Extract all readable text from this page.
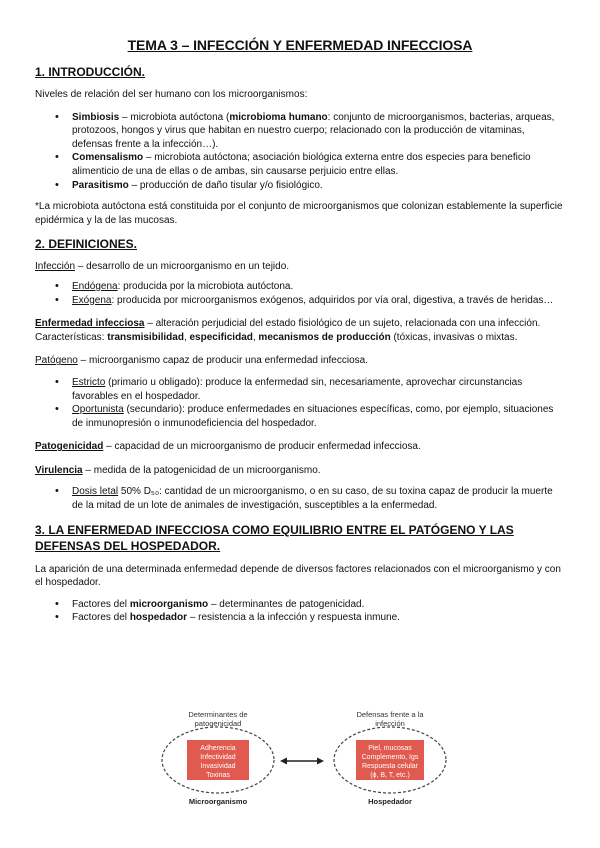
TEMA 3 – INFECCIÓN Y ENFERMEDAD INFECCIOSA
1. INTRODUCCIÓN.

Niveles de relación del ser humano con los microorganismos:

• Simbiosis – microbiota autóctona (microbioma humano: conjunto de microorganismos, bacterias, arqueas, protozoos, hongos y virus que habitan en nuestro cuerpo; relacionado con la producción de vitaminas, defensas frente a la infección…).
• Comensalismo – microbiota autóctona; asociación biológica externa entre dos especies para beneficio alimenticio de una de ellas o de ambas, sin causarse perjuicio entre ellas.
• Parasitismo – producción de daño tisular y/o fisiológico.

*La microbiota autóctona está constituida por el conjunto de microorganismos que colonizan establemente la superficie epidérmica y la de las mucosas.

2. DEFINICIONES.

Infección – desarrollo de un microorganismo en un tejido.

• Endógena: producida por la microbiota autóctona.
• Exógena: producida por microorganismos exógenos, adquiridos por vía oral, digestiva, a través de heridas…

Enfermedad infecciosa – alteración perjudicial del estado fisiológico de un sujeto, relacionada con una infección. Características: transmisibilidad, especificidad, mecanismos de producción (tóxicas, invasivas o mixtas.

Patógeno – microorganismo capaz de producir una enfermedad infecciosa.

• Estricto (primario u obligado): produce la enfermedad sin, necesariamente, aprovechar circunstancias favorables en el hospedador.
• Oportunista (secundario): produce enfermedades en situaciones específicas, como, por ejemplo, situaciones de inmunopresión o inmunodeficiencia del hospedador.

Patogenicidad – capacidad de un microorganismo de producir enfermedad infecciosa.

Virulencia – medida de la patogenicidad de un microorganismo.

• Dosis letal 50% D₅₀: cantidad de un microorganismo, o en su caso, de su toxina capaz de producir la muerte de la mitad de un lote de animales de investigación, susceptibles a la enfermedad.
3. LA ENFERMEDAD INFECCIOSA COMO EQUILIBRIO ENTRE EL PATÓGENO Y LAS DEFENSAS DEL HOSPEDADOR.

La aparición de una determinada enfermedad depende de diversos factores relacionados con el microorganismo y con el hospedador.

• Factores del microorganismo – determinantes de patogenicidad.
• Factores del hospedador – resistencia a la infección y respuesta inmune.
Determinantes de
patogenicidad
Adherencia
Infectividad
Invasividad
Toxinas
Microorganismo
Defensas frente a la
infección
Piel, mucosas
Complemento, Igs
Respuesta celular
(ϕ, B, T, etc.)
Hospedador
